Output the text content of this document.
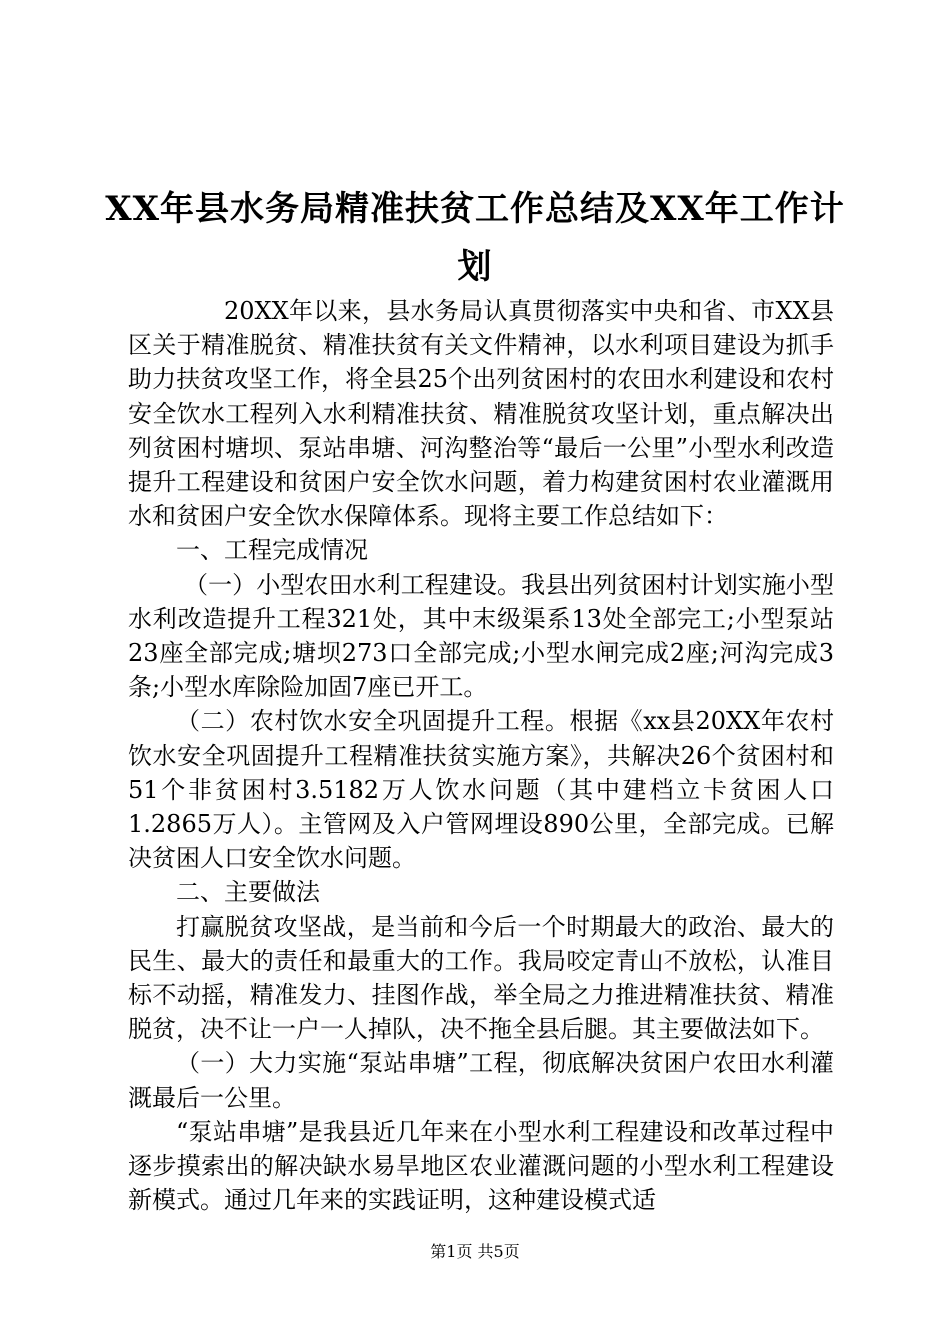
XX年县水务局精准扶贫工作总结及XX年工作计划

20XX年以来，县水务局认真贯彻落实中央和省、市XX县区关于精准脱贫、精准扶贫有关文件精神，以水利项目建设为抓手助力扶贫攻坚工作，将全县25个出列贫困村的农田水利建设和农村安全饮水工程列入水利精准扶贫、精准脱贫攻坚计划，重点解决出列贫困村塘坝、泵站串塘、河沟整治等“最后一公里”小型水利改造提升工程建设和贫困户安全饮水问题，着力构建贫困村农业灌溉用水和贫困户安全饮水保障体系。现将主要工作总结如下：

一、工程完成情况

（一）小型农田水利工程建设。我县出列贫困村计划实施小型水利改造提升工程321处，其中末级渠系13处全部完工;小型泵站23座全部完成;塘坝273口全部完成;小型水闸完成2座;河沟完成3条;小型水库除险加固7座已开工。

（二）农村饮水安全巩固提升工程。根据《xx县20XX年农村饮水安全巩固提升工程精准扶贫实施方案》，共解决26个贫困村和51个非贫困村3.5182万人饮水问题（其中建档立卡贫困人口1.2865万人）。主管网及入户管网埋设890公里，全部完成。已解决贫困人口安全饮水问题。

二、主要做法

打赢脱贫攻坚战，是当前和今后一个时期最大的政治、最大的民生、最大的责任和最重大的工作。我局咬定青山不放松，认准目标不动摇，精准发力、挂图作战，举全局之力推进精准扶贫、精准脱贫，决不让一户一人掉队，决不拖全县后腿。其主要做法如下。

（一）大力实施“泵站串塘”工程，彻底解决贫困户农田水利灌溉最后一公里。

“泵站串塘”是我县近几年来在小型水利工程建设和改革过程中逐步摸索出的解决缺水易旱地区农业灌溉问题的小型水利工程建设新模式。通过几年来的实践证明，这种建设模式适

第1页 共5页
